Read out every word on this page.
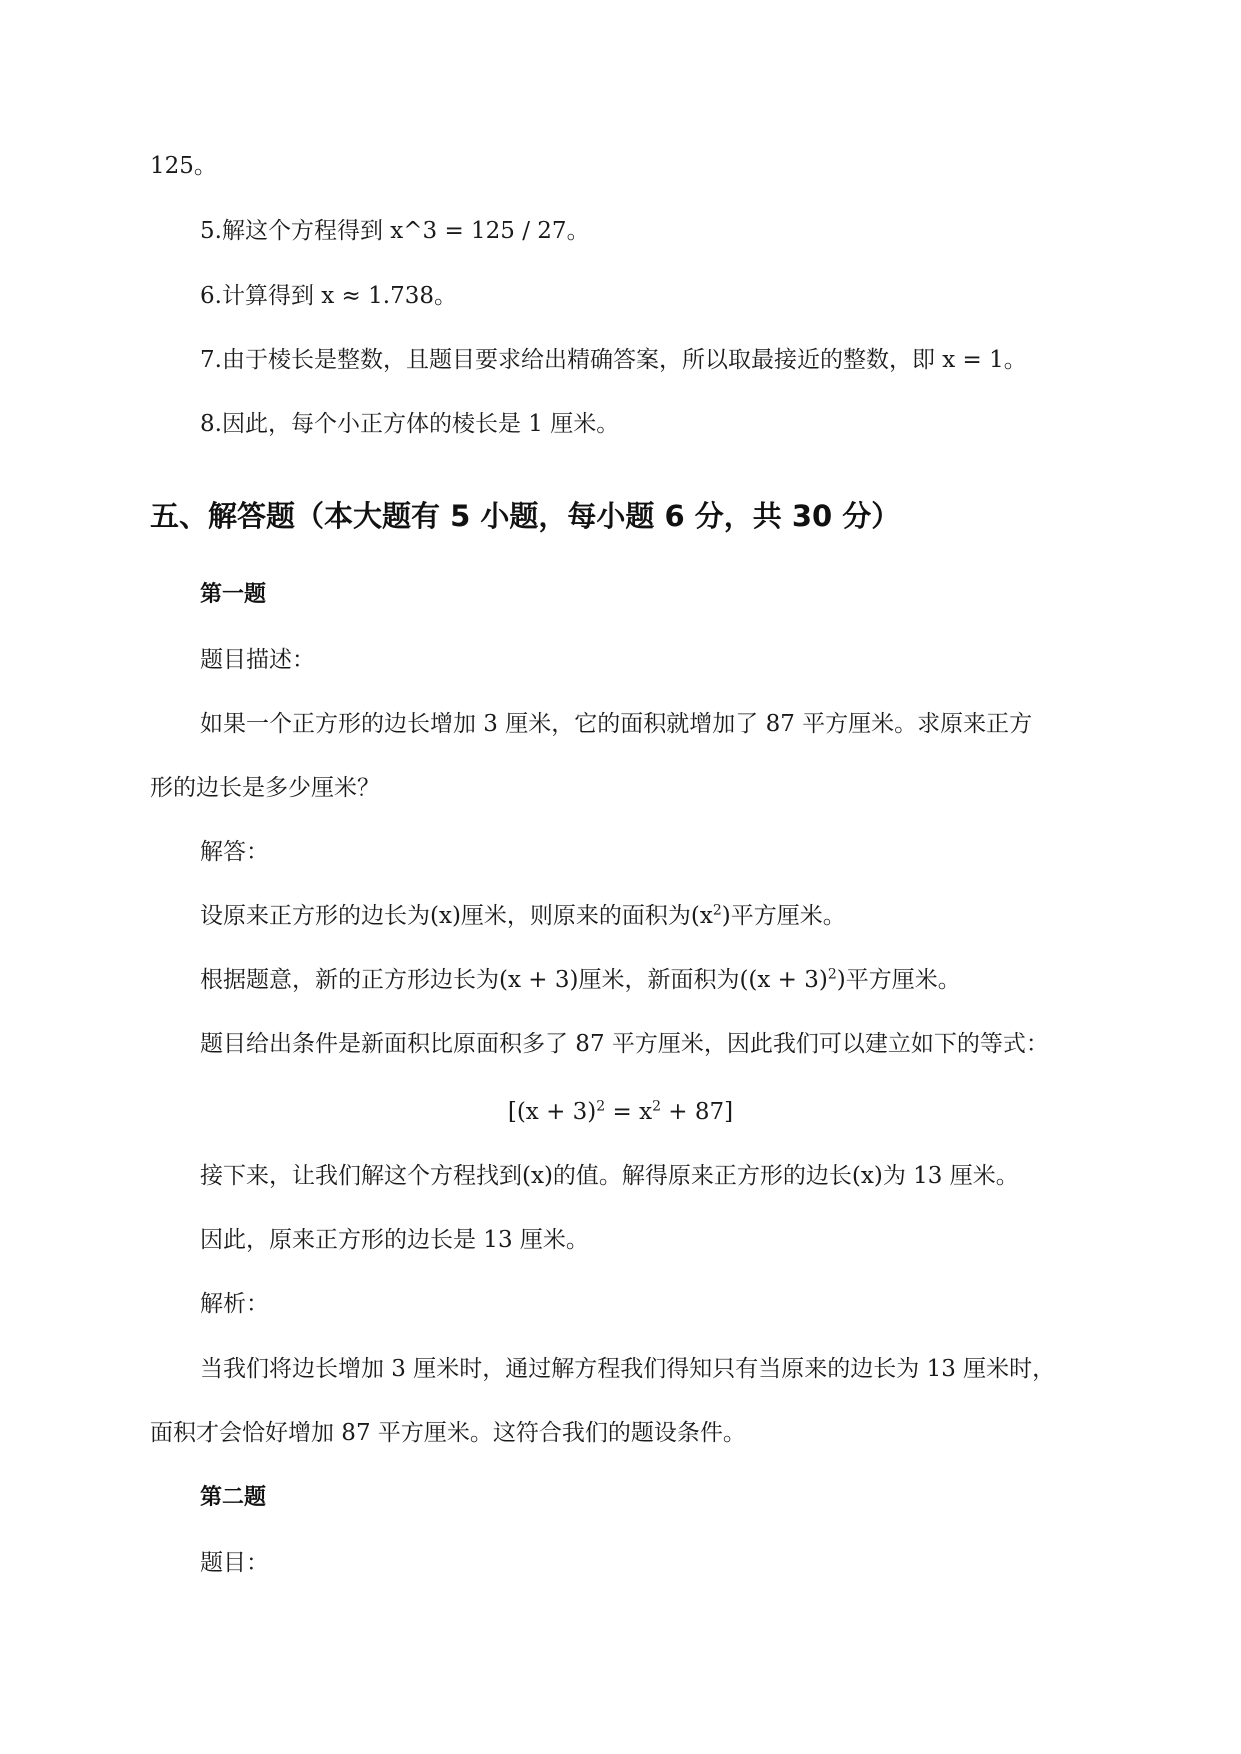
125。
5.解这个方程得到 x^3 = 125 / 27。
6.计算得到 x ≈ 1.738。
7.由于棱长是整数，且题目要求给出精确答案，所以取最接近的整数，即 x = 1。
8.因此，每个小正方体的棱长是 1 厘米。
五、解答题（本大题有 5 小题，每小题 6 分，共 30 分）
第一题
题目描述：
如果一个正方形的边长增加 3 厘米，它的面积就增加了 87 平方厘米。求原来正方
形的边长是多少厘米？
解答：
设原来正方形的边长为(x)厘米，则原来的面积为$(x^2)$平方厘米。
根据题意，新的正方形边长为(x + 3)厘米，新面积为$((x + 3)^2)$平方厘米。
题目给出条件是新面积比原面积多了 87 平方厘米，因此我们可以建立如下的等式：
$[(x + 3)^2 = x^2 + 87]$
接下来，让我们解这个方程找到(x)的值。解得原来正方形的边长(x)为 13 厘米。
因此，原来正方形的边长是 13 厘米。
解析：
当我们将边长增加 3 厘米时，通过解方程我们得知只有当原来的边长为 13 厘米时，
面积才会恰好增加 87 平方厘米。这符合我们的题设条件。
第二题
题目：
